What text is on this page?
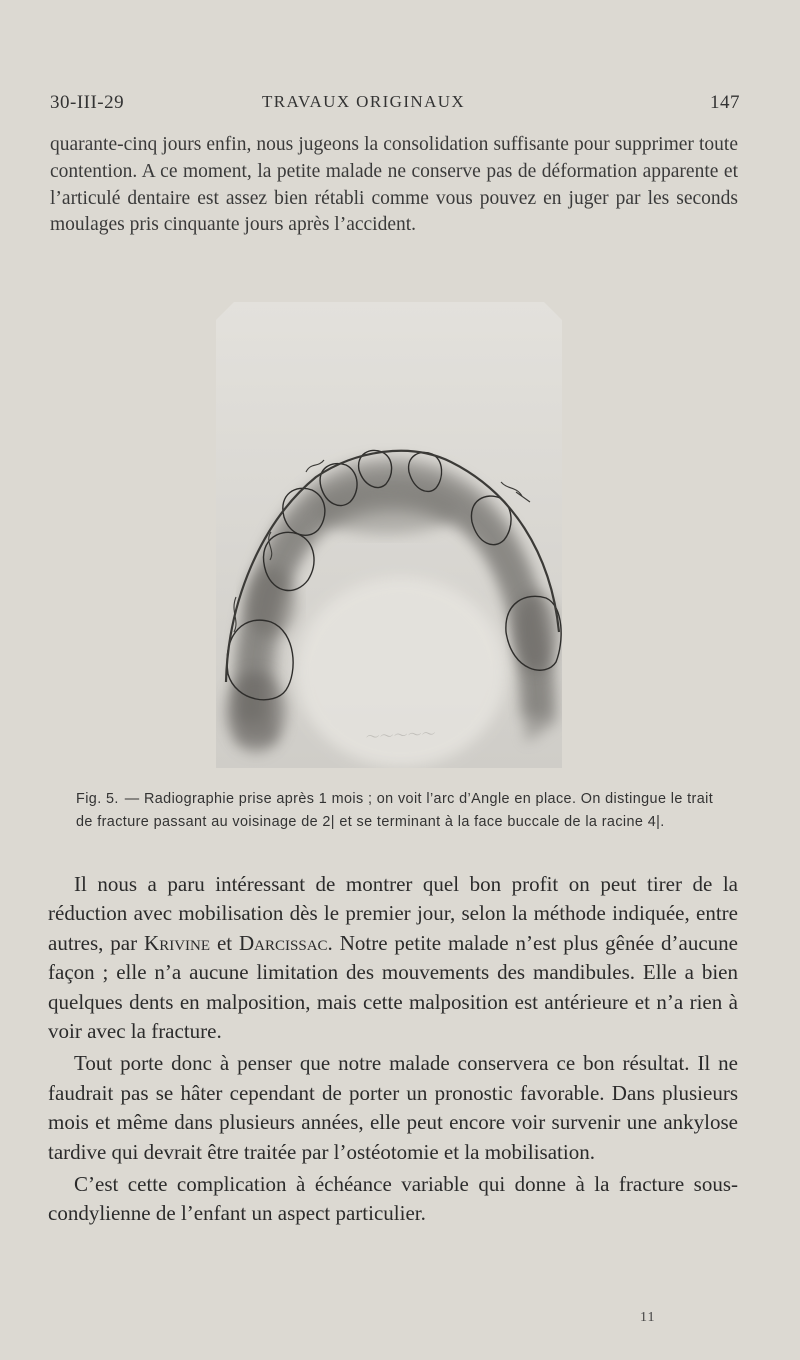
30-III-29	TRAVAUX ORIGINAUX	147

quarante-cinq jours enfin, nous jugeons la consolidation suffisante pour supprimer toute contention. A ce moment, la petite malade ne conserve pas de déformation apparente et l’articulé dentaire est assez bien rétabli comme vous pouvez en juger par les seconds moulages pris cinquante jours après l’accident.

〜〜〜〜〜

Fig. 5. — Radiographie prise après 1 mois ; on voit l’arc d’Angle en place. On distingue le trait de fracture passant au voisinage de 2| et se terminant à la face buccale de la racine 4|.

Il nous a paru intéressant de montrer quel bon profit on peut tirer de la réduction avec mobilisation dès le premier jour, selon la méthode indiquée, entre autres, par Krivine et Darcissac. Notre petite malade n’est plus gênée d’aucune façon ; elle n’a aucune limitation des mouvements des mandibules. Elle a bien quelques dents en malposition, mais cette malposition est antérieure et n’a rien à voir avec la fracture.

Tout porte donc à penser que notre malade conservera ce bon résultat. Il ne faudrait pas se hâter cependant de porter un pronostic favorable. Dans plusieurs mois et même dans plusieurs années, elle peut encore voir survenir une ankylose tardive qui devrait être traitée par l’ostéotomie et la mobilisation.

C’est cette complication à échéance variable qui donne à la fracture sous-condylienne de l’enfant un aspect particulier.

11
